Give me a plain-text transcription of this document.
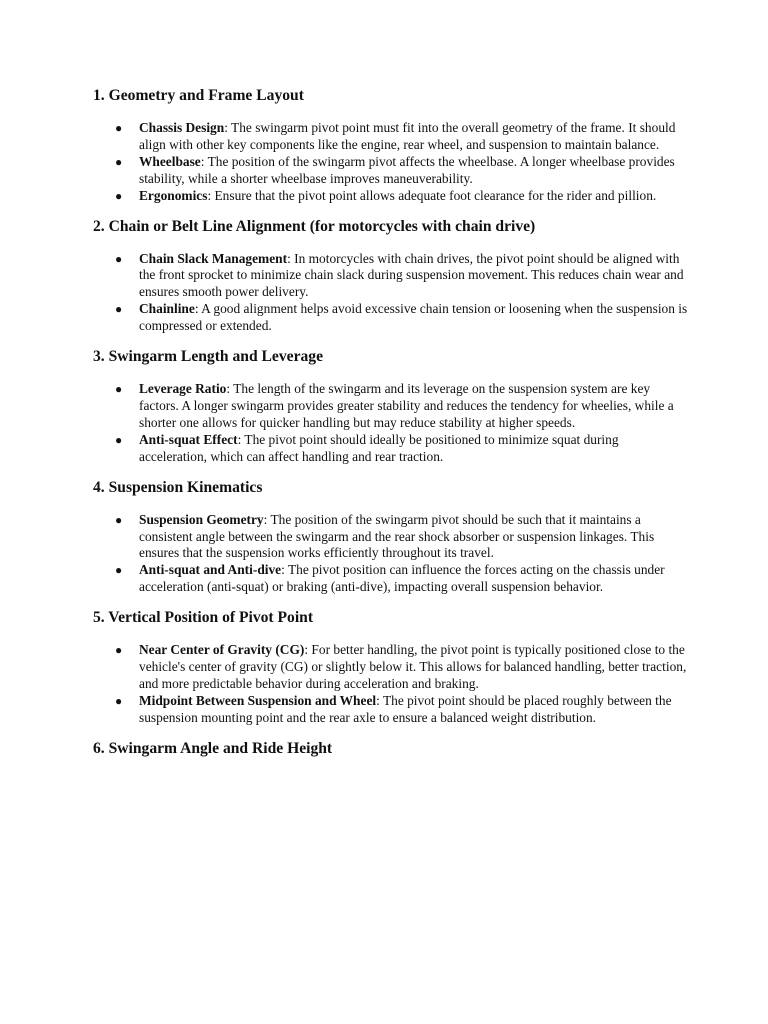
1. Geometry and Frame Layout
● Chassis Design: The swingarm pivot point must fit into the overall geometry of the frame. It should align with other key components like the engine, rear wheel, and suspension to maintain balance.
● Wheelbase: The position of the swingarm pivot affects the wheelbase. A longer wheelbase provides stability, while a shorter wheelbase improves maneuverability.
● Ergonomics: Ensure that the pivot point allows adequate foot clearance for the rider and pillion.
2. Chain or Belt Line Alignment (for motorcycles with chain drive)
● Chain Slack Management: In motorcycles with chain drives, the pivot point should be aligned with the front sprocket to minimize chain slack during suspension movement. This reduces chain wear and ensures smooth power delivery.
● Chainline: A good alignment helps avoid excessive chain tension or loosening when the suspension is compressed or extended.
3. Swingarm Length and Leverage
● Leverage Ratio: The length of the swingarm and its leverage on the suspension system are key factors. A longer swingarm provides greater stability and reduces the tendency for wheelies, while a shorter one allows for quicker handling but may reduce stability at higher speeds.
● Anti-squat Effect: The pivot point should ideally be positioned to minimize squat during acceleration, which can affect handling and rear traction.
4. Suspension Kinematics
● Suspension Geometry: The position of the swingarm pivot should be such that it maintains a consistent angle between the swingarm and the rear shock absorber or suspension linkages. This ensures that the suspension works efficiently throughout its travel.
● Anti-squat and Anti-dive: The pivot position can influence the forces acting on the chassis under acceleration (anti-squat) or braking (anti-dive), impacting overall suspension behavior.
5. Vertical Position of Pivot Point
● Near Center of Gravity (CG): For better handling, the pivot point is typically positioned close to the vehicle's center of gravity (CG) or slightly below it. This allows for balanced handling, better traction, and more predictable behavior during acceleration and braking.
● Midpoint Between Suspension and Wheel: The pivot point should be placed roughly between the suspension mounting point and the rear axle to ensure a balanced weight distribution.
6. Swingarm Angle and Ride Height
